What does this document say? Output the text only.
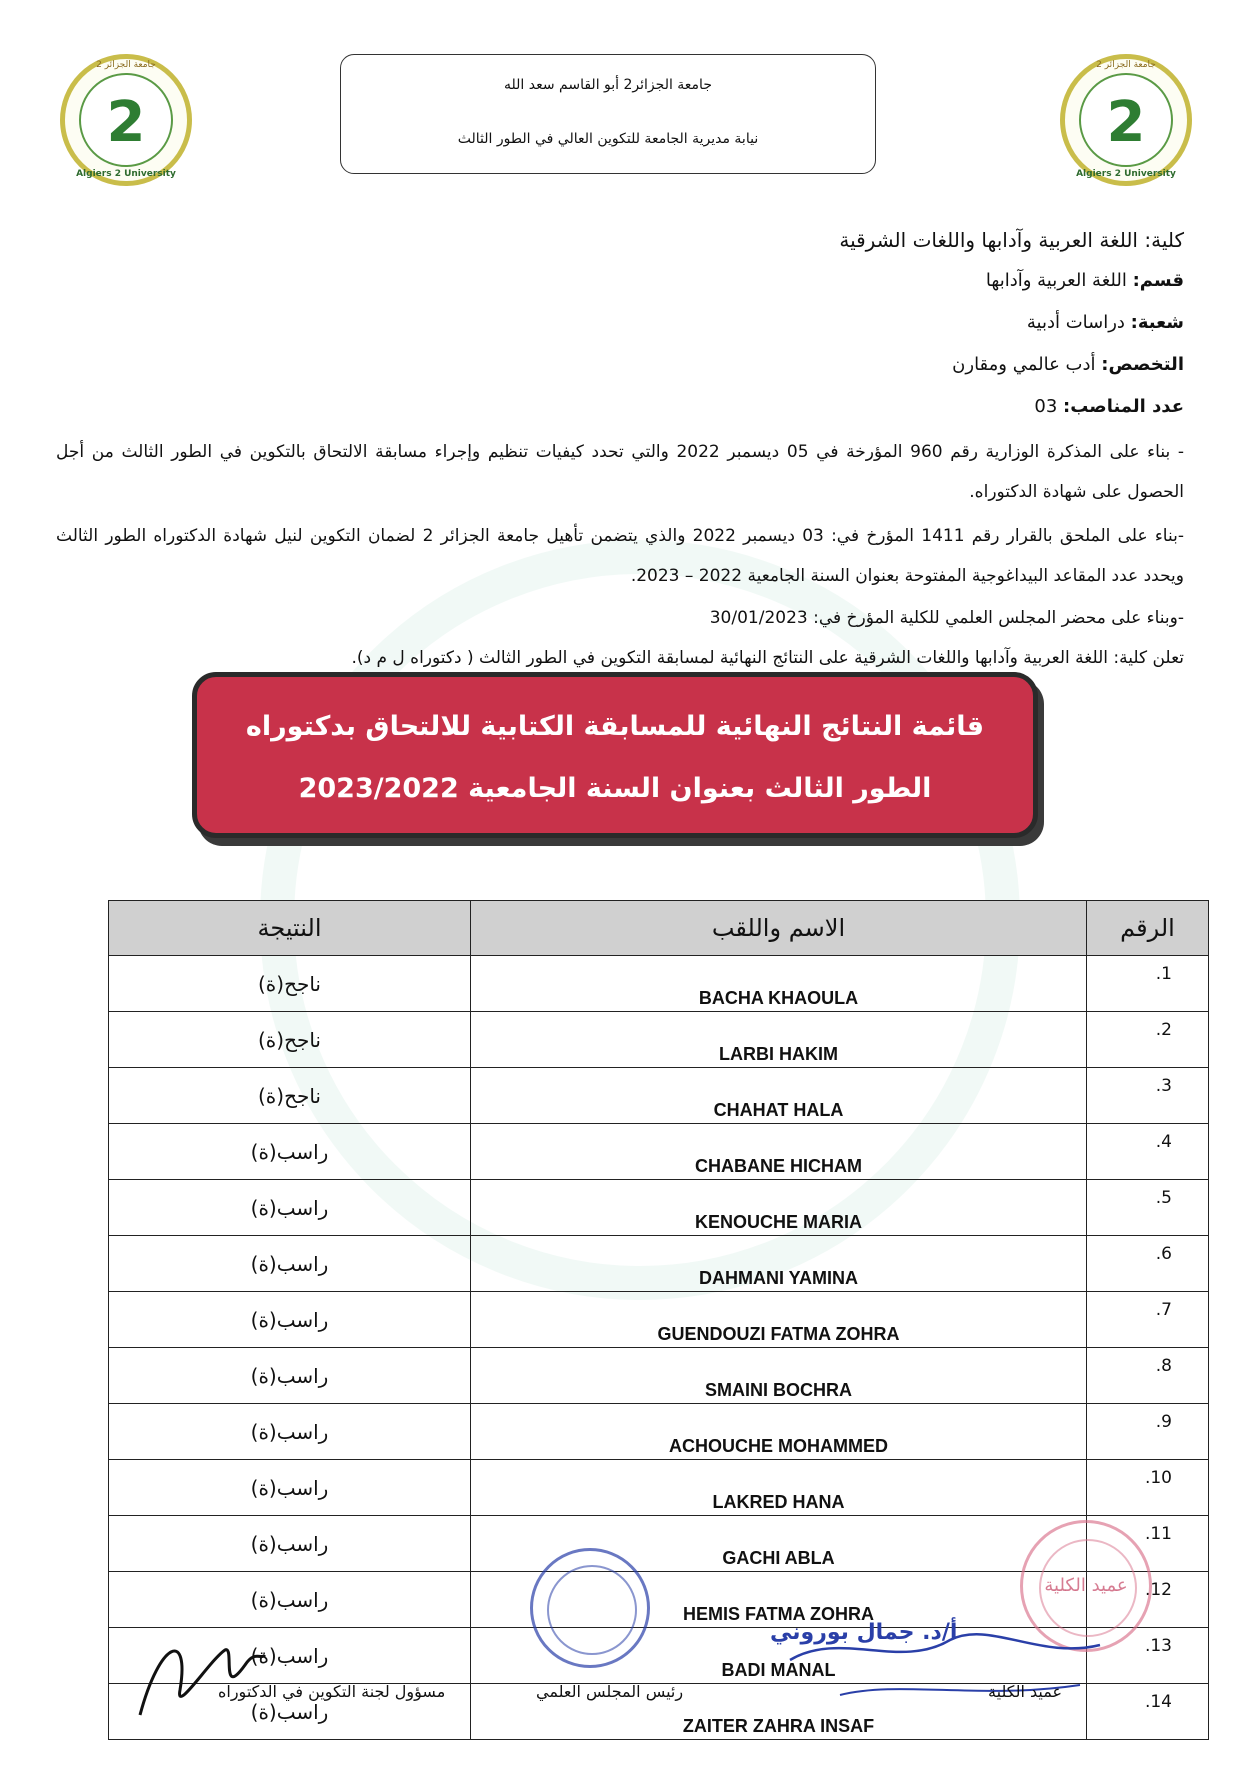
جامعة الجزائر 2
2
Algiers 2 University
جامعة الجزائر 2
2
Algiers 2 University
جامعة الجزائر2 أبو القاسم سعد الله
نيابة مديرية الجامعة للتكوين العالي في الطور الثالث
كلية: اللغة العربية وآدابها واللغات الشرقية
قسم: اللغة العربية وآدابها
شعبة: دراسات أدبية
التخصص: أدب عالمي ومقارن
عدد المناصب: 03
- بناء على المذكرة الوزارية رقم 960 المؤرخة في 05 ديسمبر 2022 والتي تحدد كيفيات تنظيم وإجراء مسابقة الالتحاق بالتكوين في الطور الثالث من أجل الحصول على شهادة الدكتوراه.
-بناء على الملحق بالقرار رقم 1411 المؤرخ في: 03 ديسمبر 2022 والذي يتضمن تأهيل جامعة الجزائر 2 لضمان التكوين لنيل شهادة الدكتوراه الطور الثالث ويحدد عدد المقاعد البيداغوجية المفتوحة بعنوان السنة الجامعية 2022 – 2023.
-وبناء على محضر المجلس العلمي للكلية المؤرخ في: 30/01/2023
تعلن كلية: اللغة العربية وآدابها واللغات الشرقية على النتائج النهائية لمسابقة التكوين في الطور الثالث ( دكتوراه ل م د).
قائمة النتائج النهائية للمسابقة الكتابية للالتحاق بدكتوراه
الطور الثالث بعنوان السنة الجامعية 2023/2022
الرقم	الاسم واللقب	النتيجة
1.	BACHA KHAOULA	ناجح(ة)
2.	LARBI HAKIM	ناجح(ة)
3.	CHAHAT HALA	ناجح(ة)
4.	CHABANE HICHAM	راسب(ة)
5.	KENOUCHE MARIA	راسب(ة)
6.	DAHMANI YAMINA	راسب(ة)
7.	GUENDOUZI FATMA ZOHRA	راسب(ة)
8.	SMAINI BOCHRA	راسب(ة)
9.	ACHOUCHE MOHAMMED	راسب(ة)
10.	LAKRED HANA	راسب(ة)
11.	GACHI ABLA	راسب(ة)
12.	HEMIS FATMA ZOHRA	راسب(ة)
13.	BADI MANAL	راسب(ة)
14.	ZAITER ZAHRA INSAF	راسب(ة)
عميد الكلية
أ/د. جمال بوروني
عميد الكلية
رئيس المجلس العلمي
مسؤول لجنة التكوين في الدكتوراه
